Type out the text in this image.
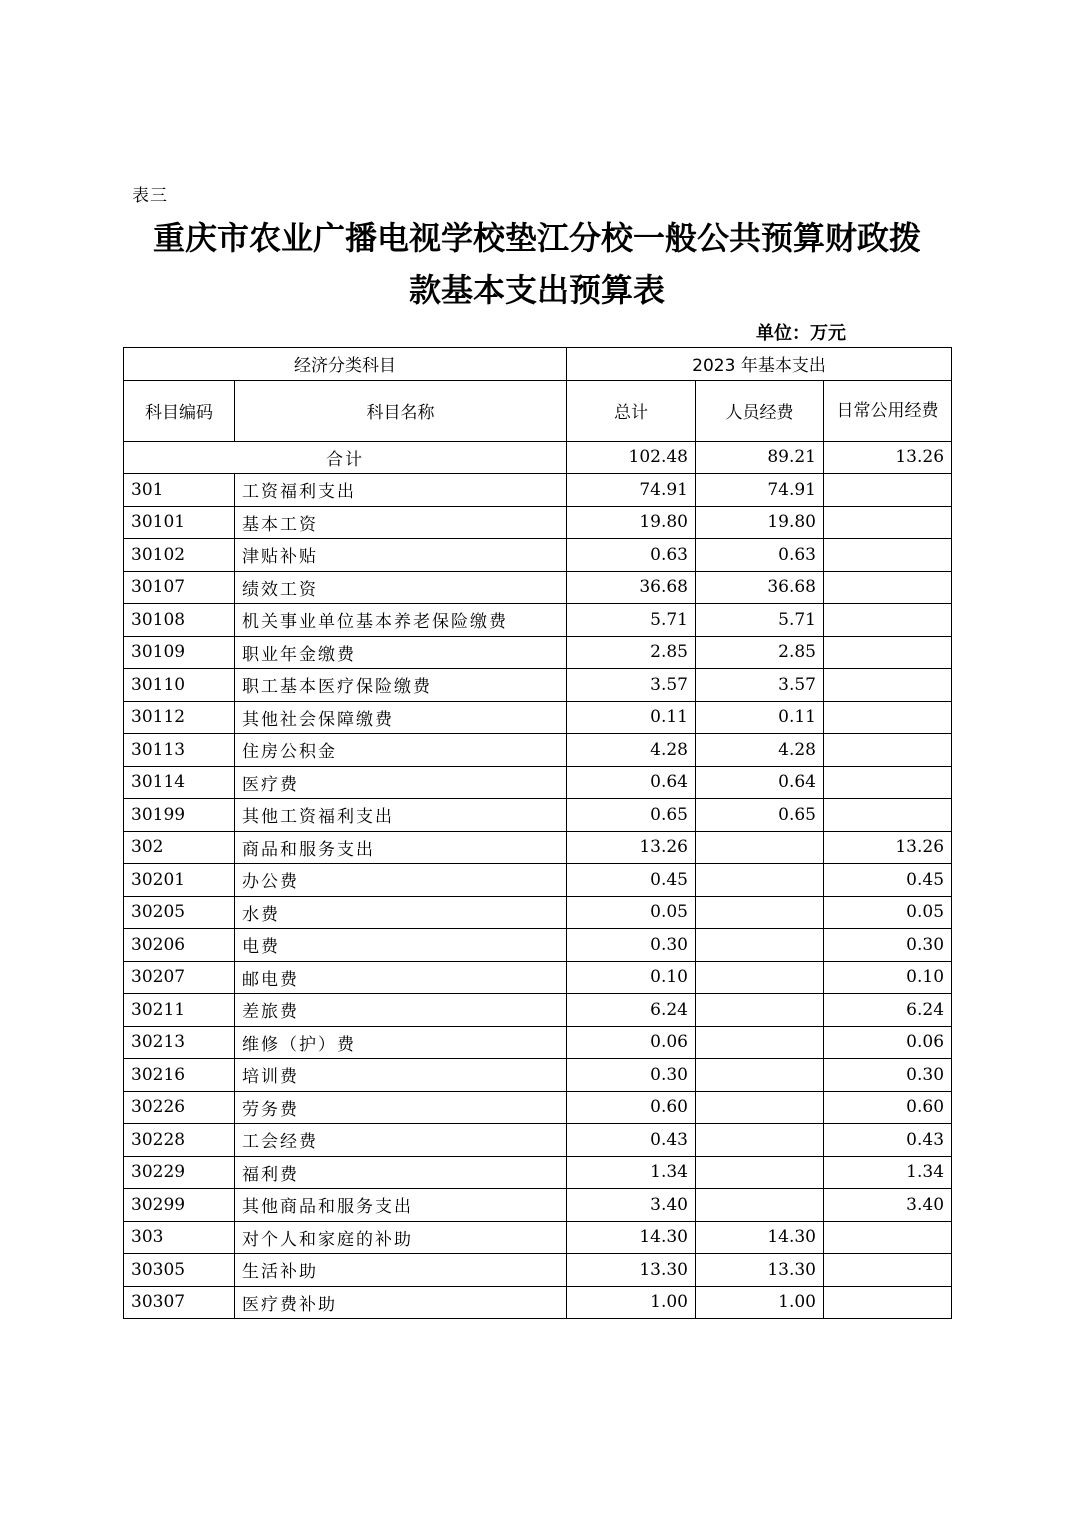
表三
重庆市农业广播电视学校垫江分校一般公共预算财政拨
款基本支出预算表
单位：万元
经济分类科目		2023 年基本支出		
科目编码	科目名称	总计	人员经费	日常公用经费
合计		102.48	89.21	13.26
301	工资福利支出	74.91	74.91	
30101	基本工资	19.80	19.80	
30102	津贴补贴	0.63	0.63	
30107	绩效工资	36.68	36.68	
30108	机关事业单位基本养老保险缴费	5.71	5.71	
30109	职业年金缴费	2.85	2.85	
30110	职工基本医疗保险缴费	3.57	3.57	
30112	其他社会保障缴费	0.11	0.11	
30113	住房公积金	4.28	4.28	
30114	医疗费	0.64	0.64	
30199	其他工资福利支出	0.65	0.65	
302	商品和服务支出	13.26		13.26
30201	办公费	0.45		0.45
30205	水费	0.05		0.05
30206	电费	0.30		0.30
30207	邮电费	0.10		0.10
30211	差旅费	6.24		6.24
30213	维修（护）费	0.06		0.06
30216	培训费	0.30		0.30
30226	劳务费	0.60		0.60
30228	工会经费	0.43		0.43
30229	福利费	1.34		1.34
30299	其他商品和服务支出	3.40		3.40
303	对个人和家庭的补助	14.30	14.30	
30305	生活补助	13.30	13.30	
30307	医疗费补助	1.00	1.00	
